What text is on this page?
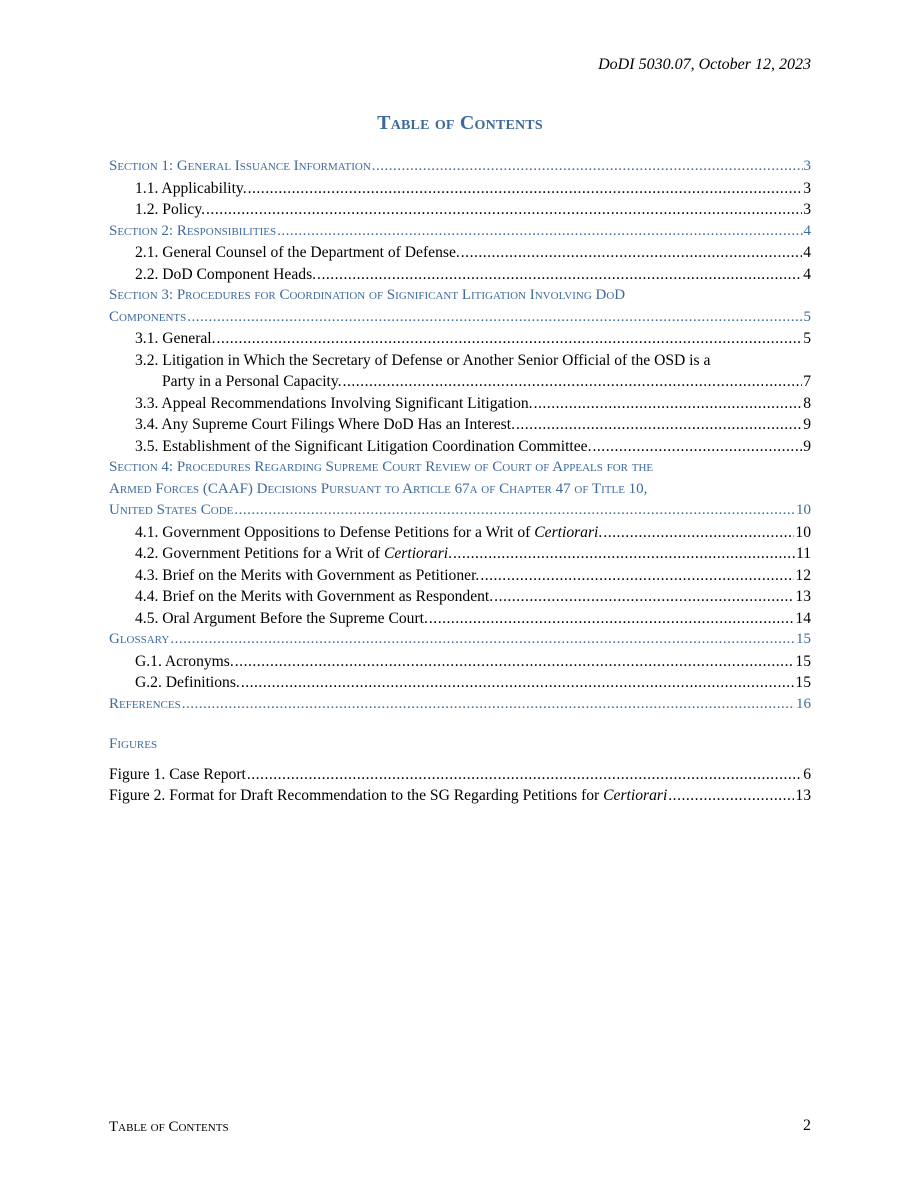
DoDI 5030.07, October 12, 2023
Table of Contents
Section 1: General Issuance Information .....	3
1.1. Applicability. .....	3
1.2. Policy. .....	3
Section 2: Responsibilities .....	4
2.1. General Counsel of the Department of Defense. .....	4
2.2. DoD Component Heads. .....	4
Section 3: Procedures for Coordination of Significant Litigation Involving DoD
Components .....	5
3.1. General. .....	5
3.2. Litigation in Which the Secretary of Defense or Another Senior Official of the OSD is a
Party in a Personal Capacity. .....	7
3.3. Appeal Recommendations Involving Significant Litigation. .....	8
3.4. Any Supreme Court Filings Where DoD Has an Interest. .....	9
3.5. Establishment of the Significant Litigation Coordination Committee. .....	9
Section 4: Procedures Regarding Supreme Court Review of Court of Appeals for the
Armed Forces (CAAF) Decisions Pursuant to Article 67a of Chapter 47 of Title 10,
United States Code .....	10
4.1. Government Oppositions to Defense Petitions for a Writ of Certiorari. .....	10
4.2. Government Petitions for a Writ of Certiorari. .....	11
4.3. Brief on the Merits with Government as Petitioner. .....	12
4.4. Brief on the Merits with Government as Respondent. .....	13
4.5. Oral Argument Before the Supreme Court. .....	14
Glossary .....	15
G.1. Acronyms. .....	15
G.2. Definitions. .....	15
References .....	16
Figures
Figure 1. Case Report .....	6
Figure 2. Format for Draft Recommendation to the SG Regarding Petitions for Certiorari .....	13
Table of Contents	2
